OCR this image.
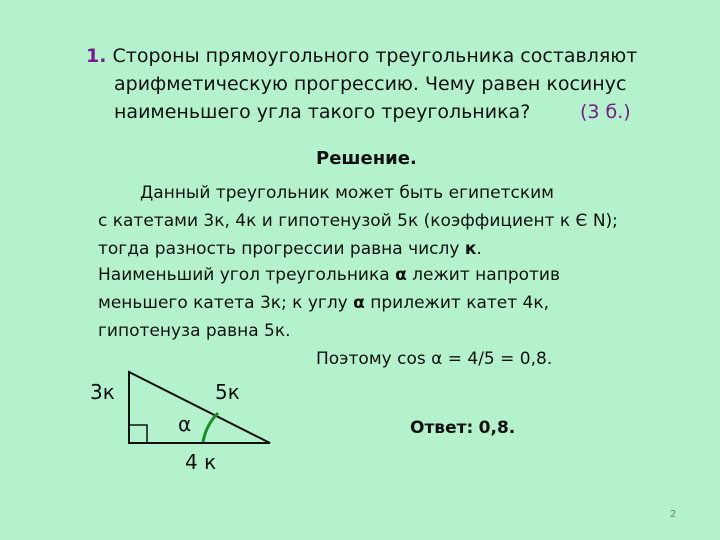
1. Стороны прямоугольного треугольника составляют
арифметическую прогрессию. Чему равен косинус
наименьшего угла такого треугольника?	(3 б.)
Решение.
Данный треугольник может быть египетским
с катетами 3к, 4к и гипотенузой 5к (коэффициент к Є N);
тогда разность прогрессии равна числу к.
Наименьший угол треугольника α лежит напротив
меньшего катета 3к; к углу α прилежит катет 4к,
гипотенуза равна 5к.
Поэтому cos α = 4/5 = 0,8.
3к	5к
α
4 к
Ответ: 0,8.
2
